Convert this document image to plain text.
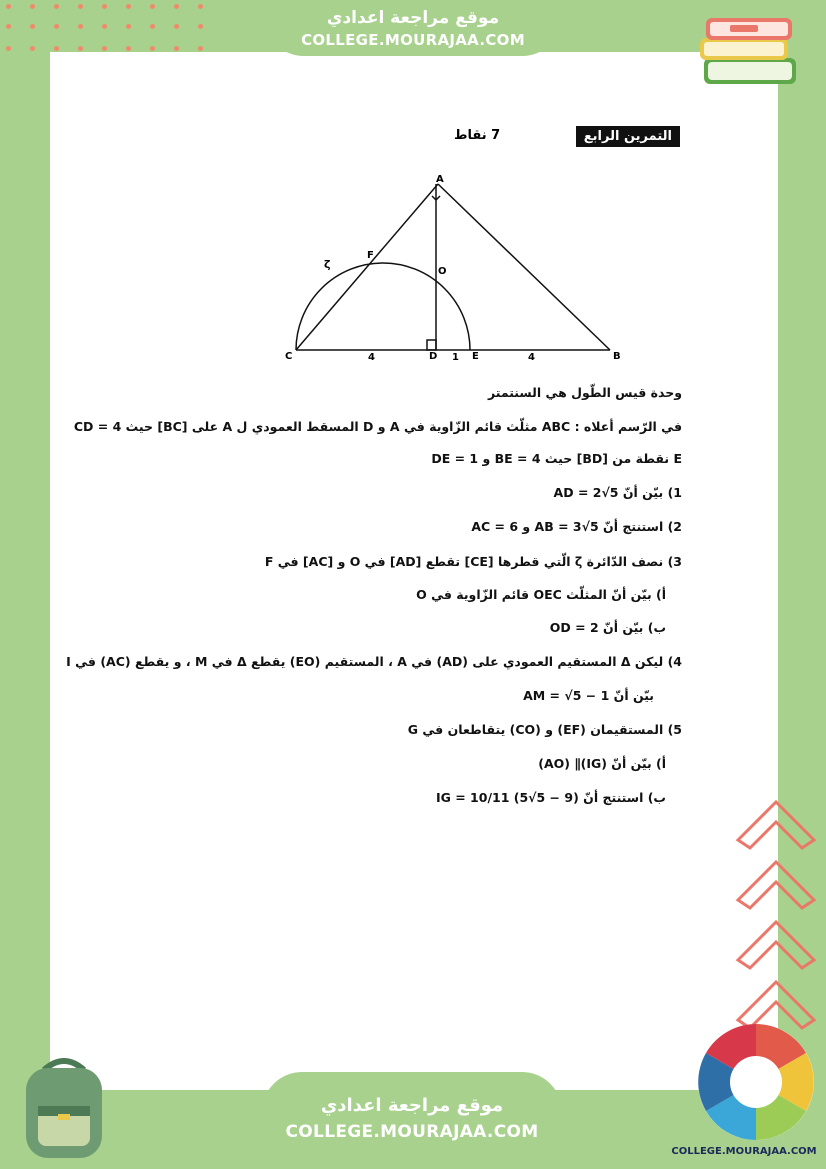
موقع مراجعة اعدادي
COLLEGE.MOURAJAA.COM
التمرين الرابع
7 نقاط
A
B
C	D	E
F
O
ζ
4	1	4
وحدة قيس الطّول هي السنتمتر
في الرّسم أعلاه : ABC مثلّث قائم الزّاوية في A و D المسقط العمودي ل A على [BC] حيث CD = 4
E نقطة من [BD] حيث BE = 4 و DE = 1
1) بيّن أنّ AD = 2√5
2) استنتج أنّ AB = 3√5 و AC = 6
3) نصف الدّائرة ζ الّتي قطرها [CE] تقطع [AD] في O و [AC] في F
أ) بيّن أنّ المثلّث OEC قائم الزّاوية في O
ب) بيّن أنّ OD = 2
4) ليكن Δ المستقيم العمودي على (AD) في A ، المستقيم (EO) يقطع Δ في M ، و يقطع (AC) في I
بيّن أنّ AM = √5 − 1
5) المستقيمان (EF) و (CO) يتقاطعان في G
أ) بيّن أنّ (IG)∥ (AO)
ب) استنتج أنّ IG = 10/11 (5√5 − 9)
موقع مراجعة اعدادي
COLLEGE.MOURAJAA.COM
COLLEGE.MOURAJAA.COM
